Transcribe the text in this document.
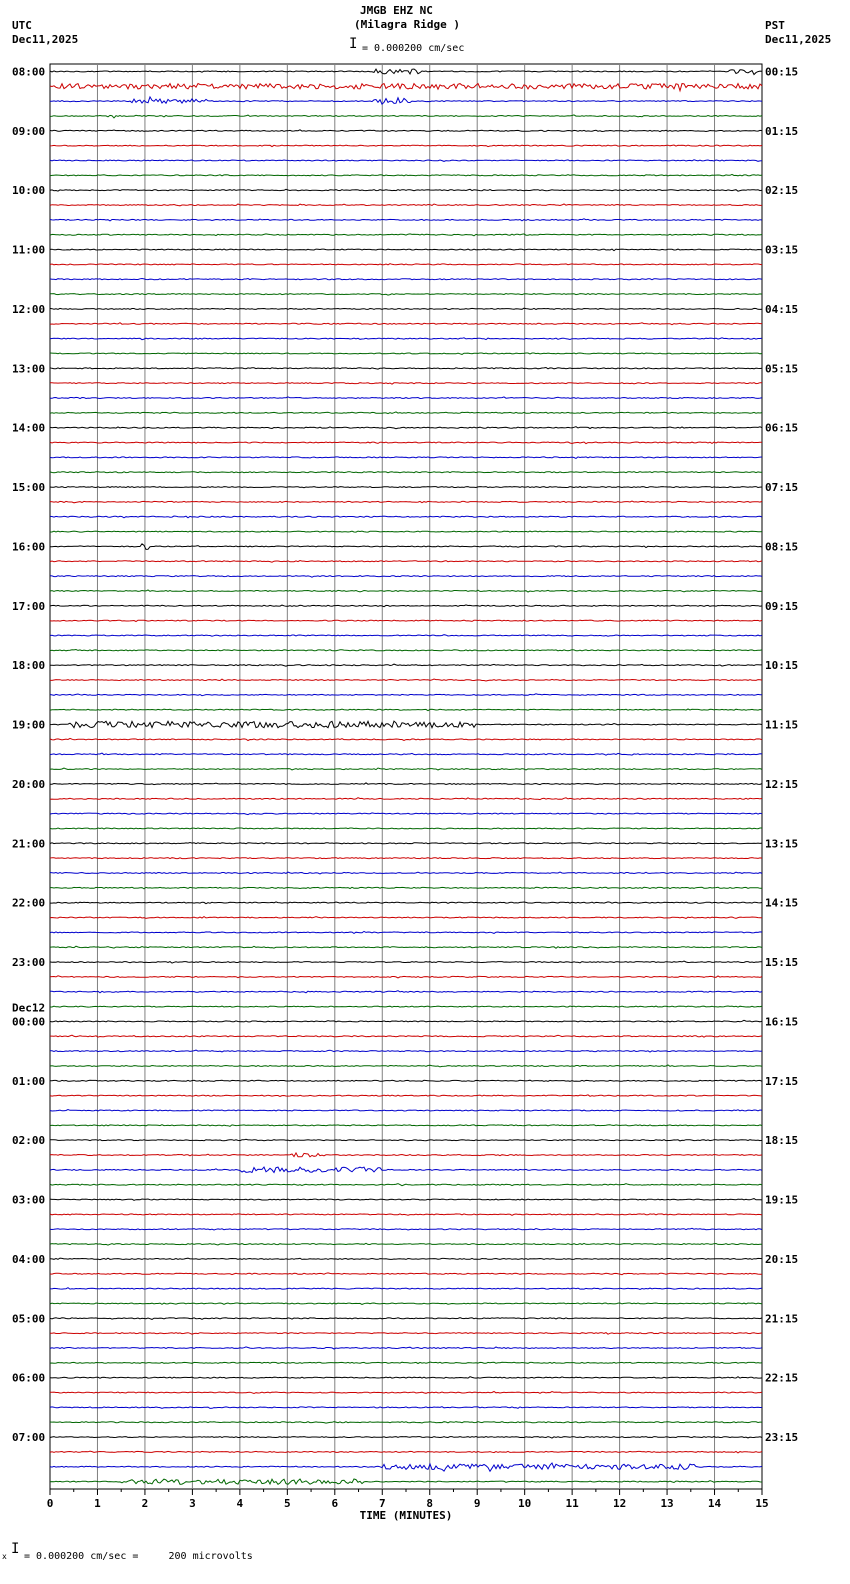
JMGB EHZ NC
(Milagra Ridge )
I = 0.000200 cm/sec
UTC
Dec11,2025
PST
Dec11,2025
08:00
09:00
10:00
11:00
12:00
13:00
14:00
15:00
16:00
17:00
18:00
19:00
20:00
21:00
22:00
23:00
00:00
01:00
02:00
03:00
04:00
05:00
06:00
07:00
Dec12
00:15
01:15
02:15
03:15
04:15
05:15
06:15
07:15
08:15
09:15
10:15
11:15
12:15
13:15
14:15
15:15
16:15
17:15
18:15
19:15
20:15
21:15
22:15
23:15
0	1	2	3	4	5	6	7	8	9	10	11	12	13	14	15
TIME (MINUTES)
x I = 0.000200 cm/sec =     200 microvolts
